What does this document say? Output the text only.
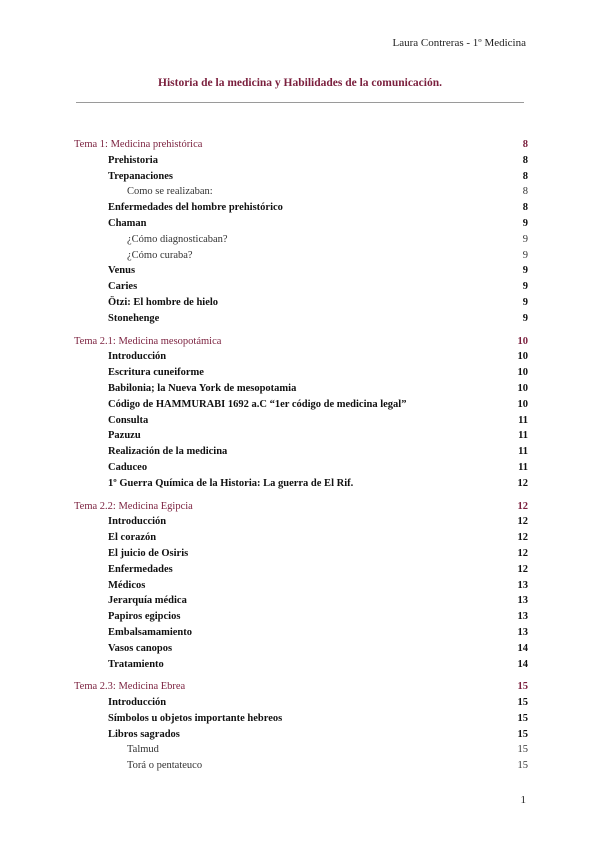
Laura Contreras - 1º Medicina
Historia de la medicina y Habilidades de la comunicación.
Tema 1: Medicina prehistórica	8
Prehistoria	8
Trepanaciones	8
Como se realizaban:	8
Enfermedades del hombre prehistórico	8
Chaman	9
¿Cómo diagnosticaban?	9
¿Cómo curaba?	9
Venus	9
Caries	9
Ötzi: El hombre de hielo	9
Stonehenge	9
Tema 2.1: Medicina mesopotámica	10
Introducción	10
Escritura cuneiforme	10
Babilonia; la Nueva York de mesopotamia	10
Código de HAMMURABI 1692 a.C “1er código de medicina legal”	10
Consulta	11
Pazuzu	11
Realización de la medicina	11
Caduceo	11
1º Guerra Química de la Historia: La guerra de El Rif.	12
Tema 2.2: Medicina Egipcia	12
Introducción	12
El corazón	12
El juicio de Osiris	12
Enfermedades	12
Médicos	13
Jerarquía médica	13
Papiros egipcios	13
Embalsamamiento	13
Vasos canopos	14
Tratamiento	14
Tema 2.3: Medicina Ebrea	15
Introducción	15
Símbolos u objetos importante hebreos	15
Libros sagrados	15
Talmud	15
Torá o pentateuco	15
1
